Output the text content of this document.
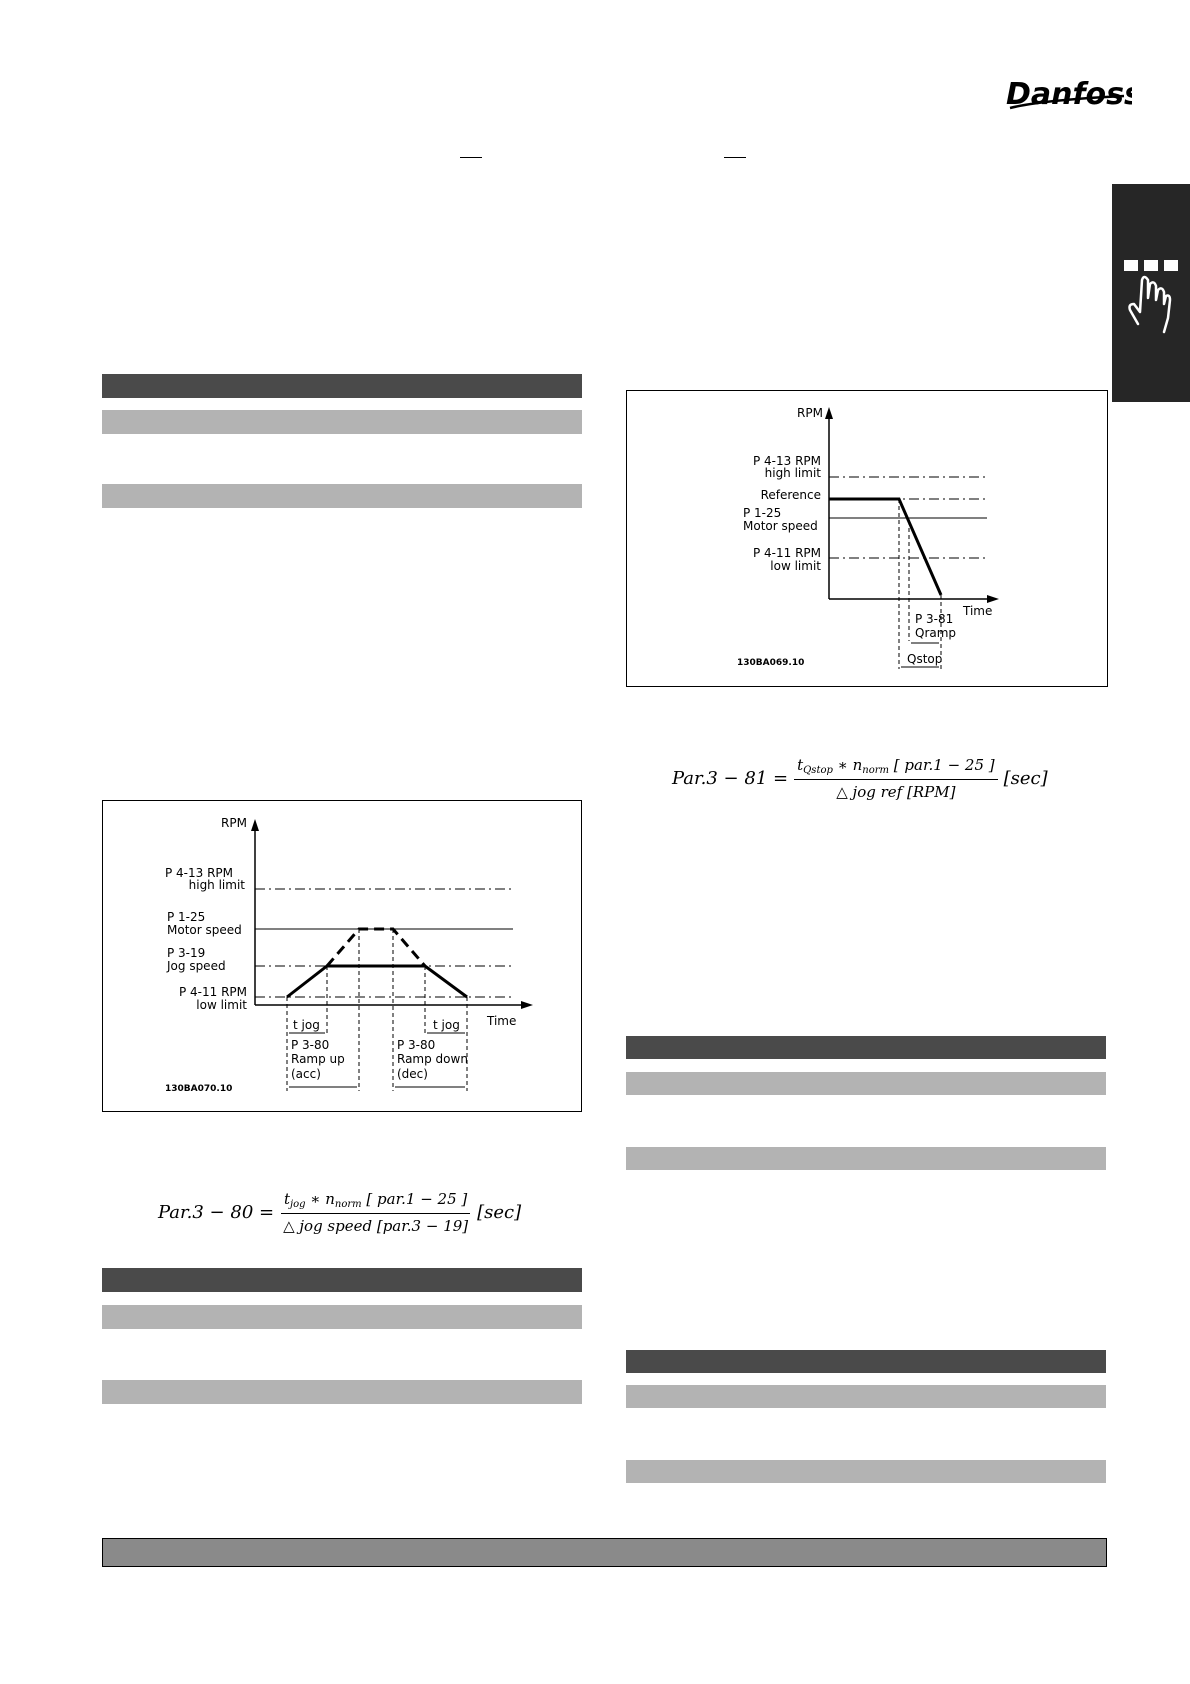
Danfoss
RPM
Time
P 4-13 RPM
high limit
P 1-25
Motor speed
P 3-19
Jog speed
P 4-11 RPM
low limit
t jog	t jog
P 3-80
Ramp up
(acc)
P 3-80
Ramp down
(dec)
130BA070.10
$Par.3 - 80 = \frac{t_{jog} ∗ n_{norm} [ par.1 - 25 ]}{\text{△ jog speed [par.3 − 19]}} [\sec]$
RPM
Time
P 4-13 RPM
high limit
Reference
P 1-25
Motor speed
P 4-11 RPM
low limit
P 3-81
Qramp
Qstop
130BA069.10
$Par.3 - 81 = \frac{t_{Qstop} ∗ n_{norm} [ par.1 - 25 ]}{\text{△ jog ref [RPM]}} [\sec]$
